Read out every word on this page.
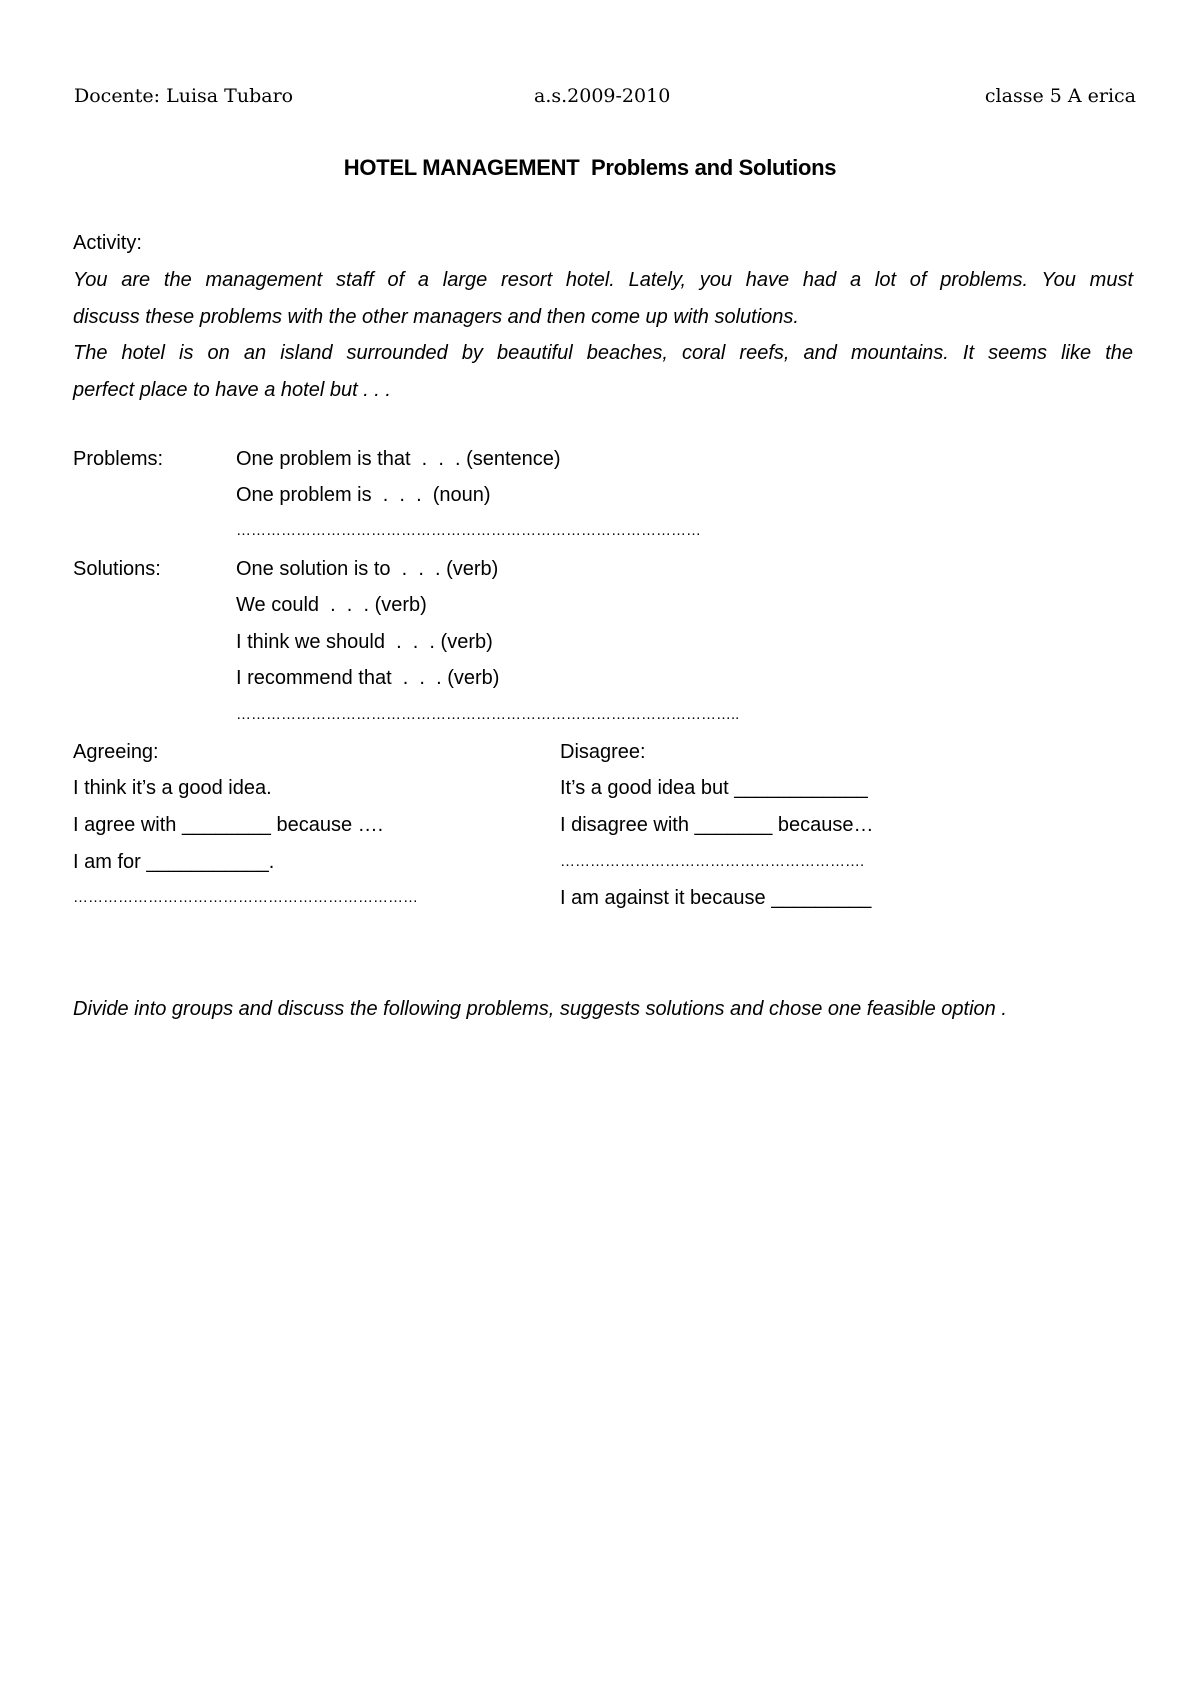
Docente: Luisa Tubaro	a.s.2009-2010	classe 5 A erica
HOTEL MANAGEMENT  Problems and Solutions
Activity:

You are the management staff of a large resort hotel. Lately, you have had a lot of problems. You must

discuss these problems with the other managers and then come up with solutions.

The hotel is on an island surrounded by beautiful beaches, coral reefs, and mountains. It seems like the

perfect place to have a hotel but . . .

Problems:	One problem is that  .  .  . (sentence)
One problem is  .  .  .  (noun)
…………………………………………………………………………………
Solutions:	One solution is to  .  .  . (verb)
We could  .  .  . (verb)
I think we should  .  .  . (verb)
I recommend that  .  .  . (verb)
………………………………………………………………………………………..
Agreeing:
I think it’s a good idea.
I agree with ________ because ….
I am for ___________.
……………………………………………………………
Disagree:
It’s a good idea but ____________
I disagree with _______ because…
…………………………………………………….
I am against it because _________
Divide into groups and discuss the following problems, suggests solutions and chose one feasible option .
